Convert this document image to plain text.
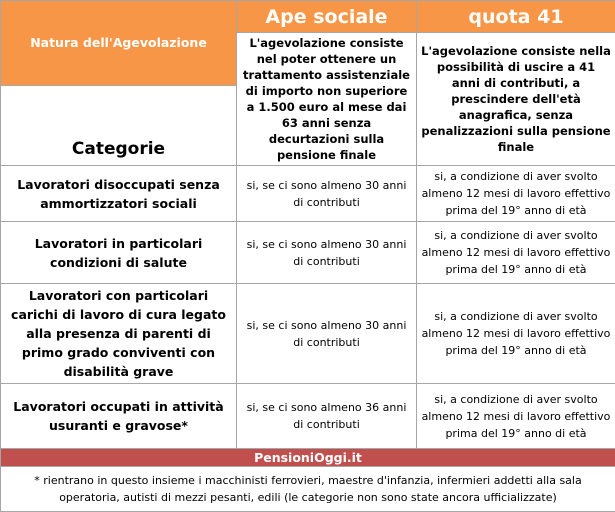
Natura dell'Agevolazione	Ape sociale	quota 41
	L'agevolazione consiste nel poter ottenere un trattamento assistenziale di importo non superiore a 1.500 euro al mese dai 63 anni senza decurtazioni sulla pensione finale	L'agevolazione consiste nella possibilità di uscire a 41 anni di contributi, a prescindere dell'età anagrafica, senza penalizzazioni sulla pensione finale
Categorie		
Lavoratori disoccupati senza ammortizzatori sociali	si, se ci sono almeno 30 anni di contributi	si, a condizione di aver svolto almeno 12 mesi di lavoro effettivo prima del 19° anno di età
Lavoratori in particolari condizioni di salute	si, se ci sono almeno 30 anni di contributi	si, a condizione di aver svolto almeno 12 mesi di lavoro effettivo prima del 19° anno di età
Lavoratori con particolari carichi di lavoro di cura legato alla presenza di parenti di primo grado conviventi con disabilità grave	si, se ci sono almeno 30 anni di contributi	si, a condizione di aver svolto almeno 12 mesi di lavoro effettivo prima del 19° anno di età
Lavoratori occupati in attività usuranti e gravose*	si, se ci sono almeno 36 anni di contributi	si, a condizione di aver svolto almeno 12 mesi di lavoro effettivo prima del 19° anno di età
PensioniOggi.it		
* rientrano in questo insieme i macchinisti ferrovieri, maestre d'infanzia, infermieri addetti alla sala operatoria, autisti di mezzi pesanti, edili (le categorie non sono state ancora ufficializzate)		
